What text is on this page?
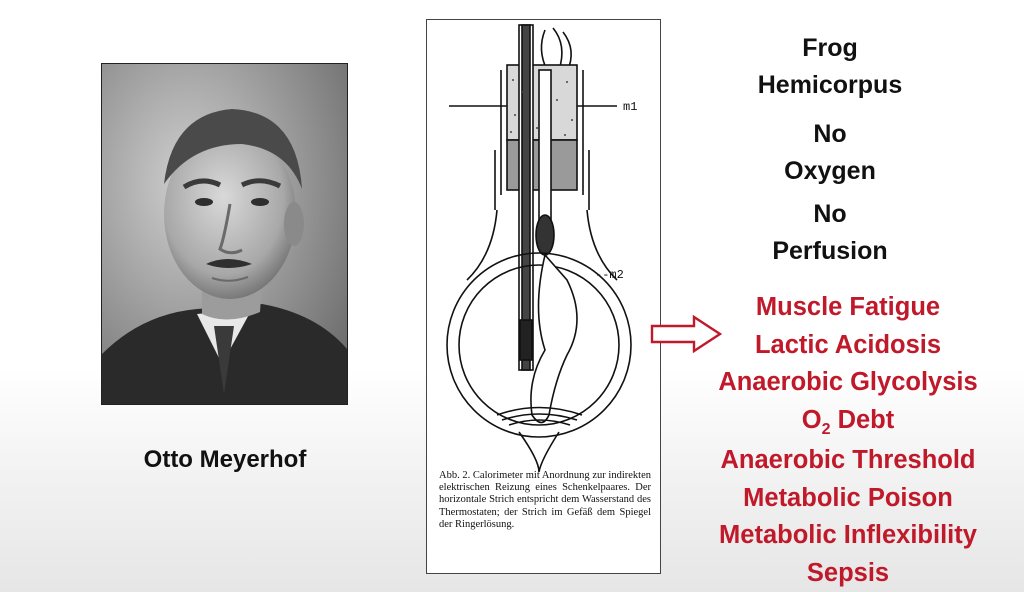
Otto Meyerhof
m1
--m2
Abb. 2. Calorimeter mit Anordnung zur indirekten elektrischen Reizung eines Schenkelpaares. Der horizontale Strich entspricht dem Wasserstand des Thermostaten; der Strich im Gefäß dem Spiegel der Ringerlösung.
Frog
Hemicorpus
No
Oxygen
No
Perfusion
Muscle Fatigue
Lactic Acidosis
Anaerobic Glycolysis
$O_2$ Debt
Anaerobic Threshold
Metabolic Poison
Metabolic Inflexibility
Sepsis
